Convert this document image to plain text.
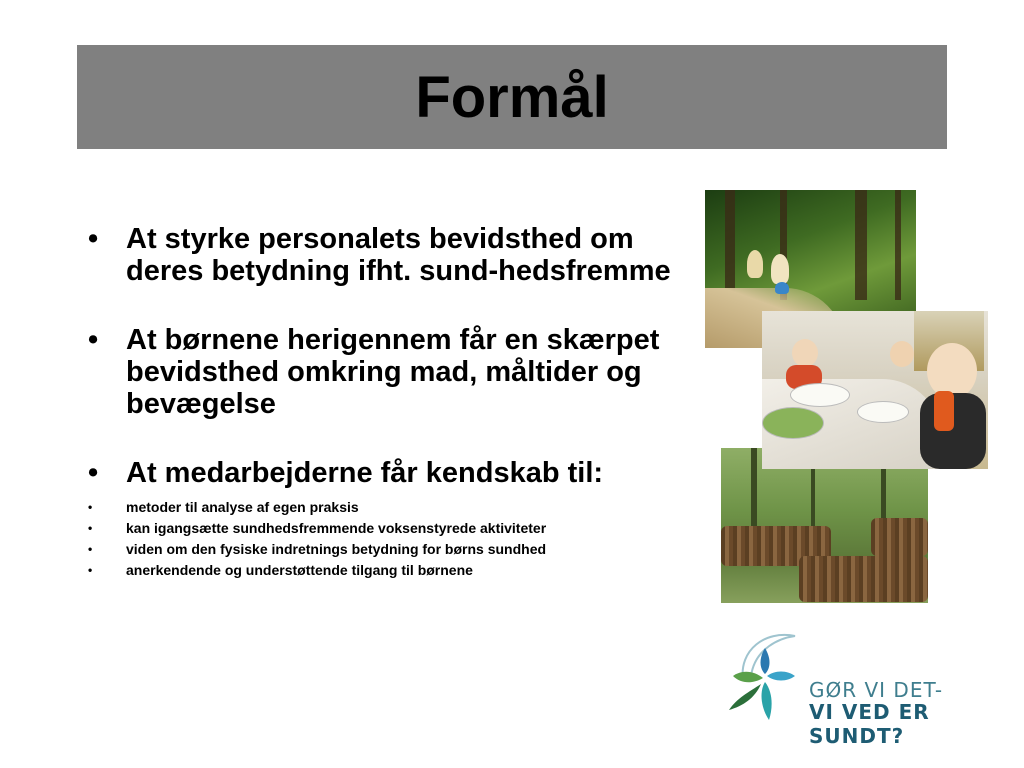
Formål
• At styrke personalets bevidsthed om deres betydning ifht. sund-hedsfremme
• At børnene herigennem får en skærpet bevidsthed omkring mad, måltider og bevægelse
• At medarbejderne får kendskab til:
• metoder til analyse af egen praksis
• kan igangsætte sundhedsfremmende voksenstyrede aktiviteter
• viden om den fysiske indretnings betydning for børns sundhed
• anerkendende og understøttende tilgang til børnene
GØR VI DET-
VI VED ER SUNDT?
